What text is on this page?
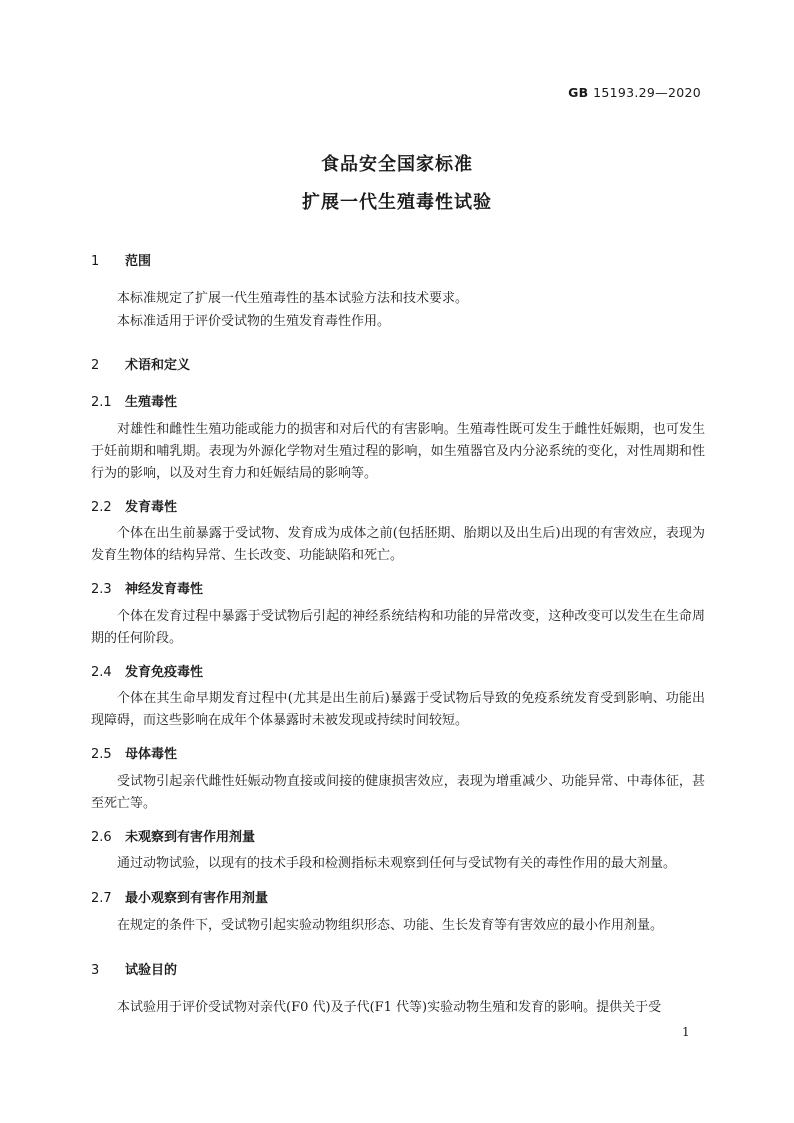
GB 15193.29—2020
食品安全国家标准
扩展一代生殖毒性试验
1 范围
本标准规定了扩展一代生殖毒性的基本试验方法和技术要求。
本标准适用于评价受试物的生殖发育毒性作用。
2 术语和定义
2.1 生殖毒性
对雄性和雌性生殖功能或能力的损害和对后代的有害影响。生殖毒性既可发生于雌性妊娠期，也可发生于妊前期和哺乳期。表现为外源化学物对生殖过程的影响，如生殖器官及内分泌系统的变化，对性周期和性行为的影响，以及对生育力和妊娠结局的影响等。
2.2 发育毒性
个体在出生前暴露于受试物、发育成为成体之前(包括胚期、胎期以及出生后)出现的有害效应，表现为发育生物体的结构异常、生长改变、功能缺陷和死亡。
2.3 神经发育毒性
个体在发育过程中暴露于受试物后引起的神经系统结构和功能的异常改变，这种改变可以发生在生命周期的任何阶段。
2.4 发育免疫毒性
个体在其生命早期发育过程中(尤其是出生前后)暴露于受试物后导致的免疫系统发育受到影响、功能出现障碍，而这些影响在成年个体暴露时未被发现或持续时间较短。
2.5 母体毒性
受试物引起亲代雌性妊娠动物直接或间接的健康损害效应，表现为增重减少、功能异常、中毒体征，甚至死亡等。
2.6 未观察到有害作用剂量
通过动物试验，以现有的技术手段和检测指标未观察到任何与受试物有关的毒性作用的最大剂量。
2.7 最小观察到有害作用剂量
在规定的条件下，受试物引起实验动物组织形态、功能、生长发育等有害效应的最小作用剂量。
3 试验目的
本试验用于评价受试物对亲代(F0 代)及子代(F1 代等)实验动物生殖和发育的影响。提供关于受
1
